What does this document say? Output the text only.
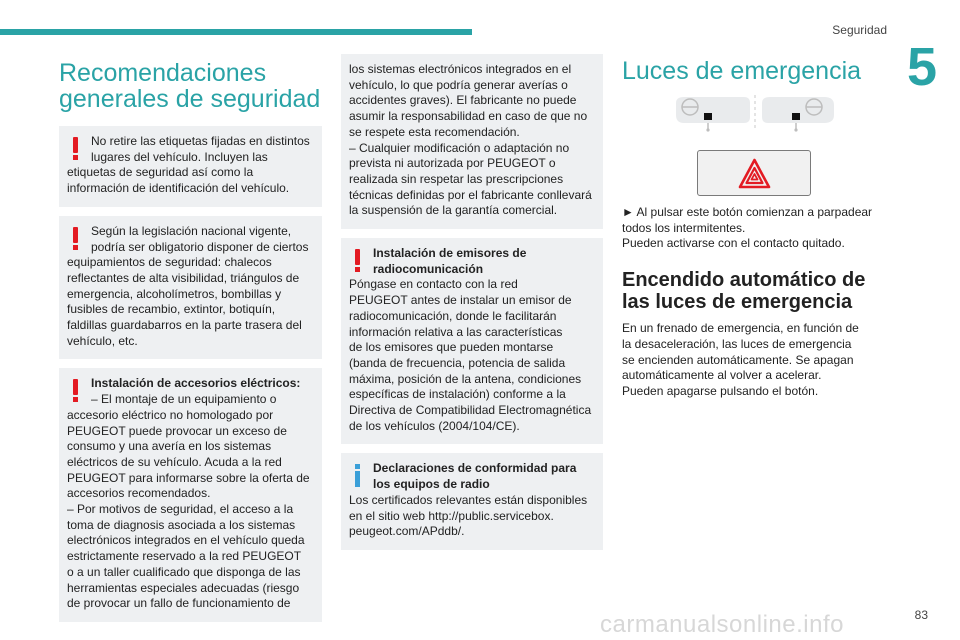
Seguridad
5
Recomendaciones generales de seguridad
No retire las etiquetas fijadas en distintos
lugares del vehículo. Incluyen las
etiquetas de seguridad así como la
información de identificación del vehículo.
Según la legislación nacional vigente,
podría ser obligatorio disponer de ciertos
equipamientos de seguridad: chalecos
reflectantes de alta visibilidad, triángulos de
emergencia, alcoholímetros, bombillas y
fusibles de recambio, extintor, botiquín,
faldillas guardabarros en la parte trasera del
vehículo, etc.
Instalación de accesorios eléctricos:
– El montaje de un equipamiento o
accesorio eléctrico no homologado por
PEUGEOT puede provocar un exceso de
consumo y una avería en los sistemas
eléctricos de su vehículo. Acuda a la red
PEUGEOT para informarse sobre la oferta de
accesorios recomendados.
– Por motivos de seguridad, el acceso a la
toma de diagnosis asociada a los sistemas
electrónicos integrados en el vehículo queda
estrictamente reservado a la red PEUGEOT
o a un taller cualificado que disponga de las
herramientas especiales adecuadas (riesgo
de provocar un fallo de funcionamiento de
los sistemas electrónicos integrados en el
vehículo, lo que podría generar averías o
accidentes graves). El fabricante no puede
asumir la responsabilidad en caso de que no
se respete esta recomendación.
– Cualquier modificación o adaptación no
prevista ni autorizada por PEUGEOT o
realizada sin respetar las prescripciones
técnicas definidas por el fabricante conllevará
la suspensión de la garantía comercial.
Instalación de emisores de
radiocomunicación
Póngase en contacto con la red
PEUGEOT antes de instalar un emisor de
radiocomunicación, donde le facilitarán
información relativa a las características
de los emisores que pueden montarse
(banda de frecuencia, potencia de salida
máxima, posición de la antena, condiciones
específicas de instalación) conforme a la
Directiva de Compatibilidad Electromagnética
de los vehículos (2004/104/CE).
Declaraciones de conformidad para
los equipos de radio
Los certificados relevantes están disponibles
en el sitio web http://public.servicebox.
peugeot.com/APddb/.
Luces de emergencia
► Al pulsar este botón comienzan a parpadear
todos los intermitentes.
Pueden activarse con el contacto quitado.
Encendido automático de
las luces de emergencia
En un frenado de emergencia, en función de
la desaceleración, las luces de emergencia
se encienden automáticamente. Se apagan
automáticamente al volver a acelerar.
Pueden apagarse pulsando el botón.
carmanualsonline.info	83
